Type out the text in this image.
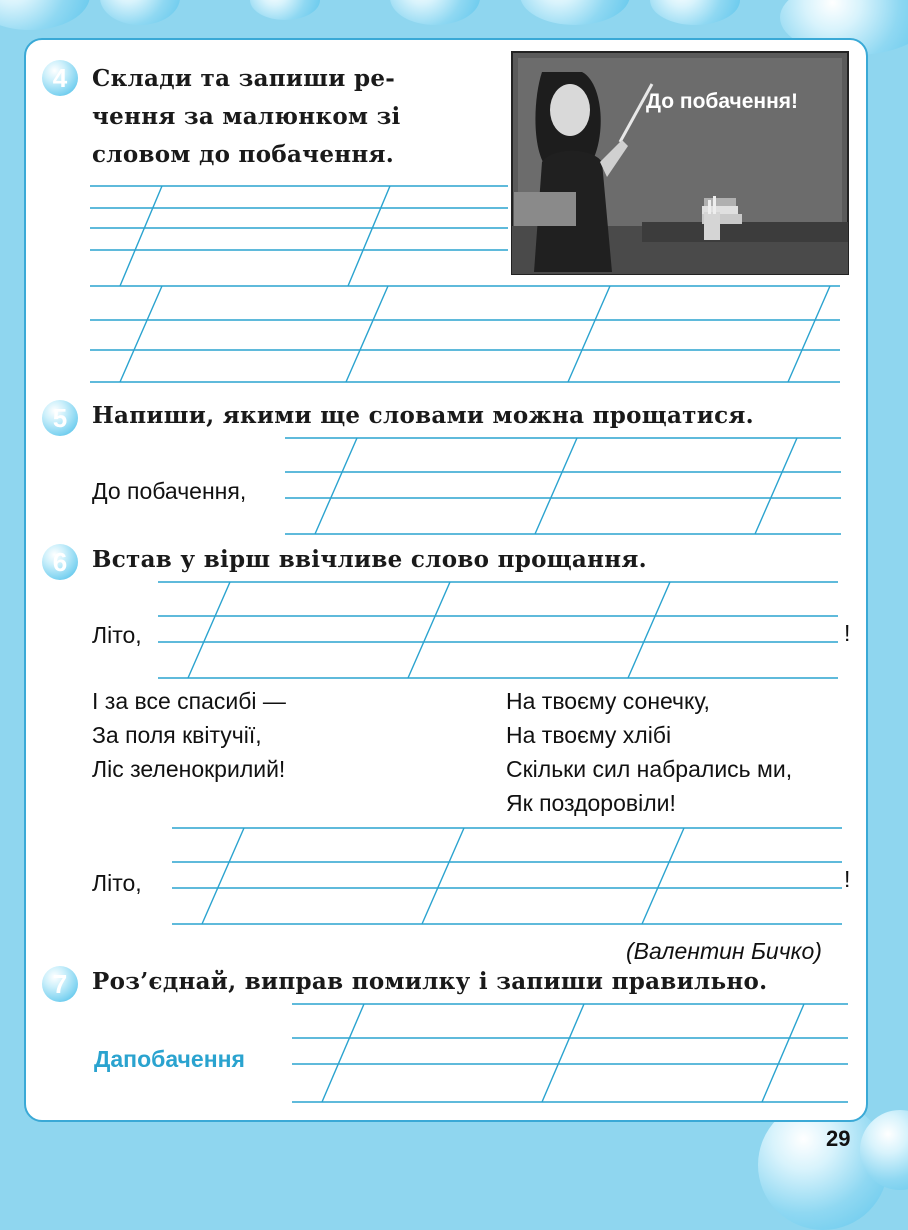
4	Склади та запиши ре-
чення за малюнком зі
словом до побачення.
До побачення!
5	Напиши, якими ще словами можна прощатися.
До побачення,
6	Встав у вірш ввічливе слово прощання.
Літо,	!
І за все спасибі —
За поля квітучії,
Ліс зеленокрилий!
На твоєму сонечку,
На твоєму хлібі
Скільки сил набрались ми,
Як поздоровіли!
Літо,	!
(Валентин Бичко)
7	Роз’єднай, виправ помилку і запиши правильно.
Дапобачення
29
